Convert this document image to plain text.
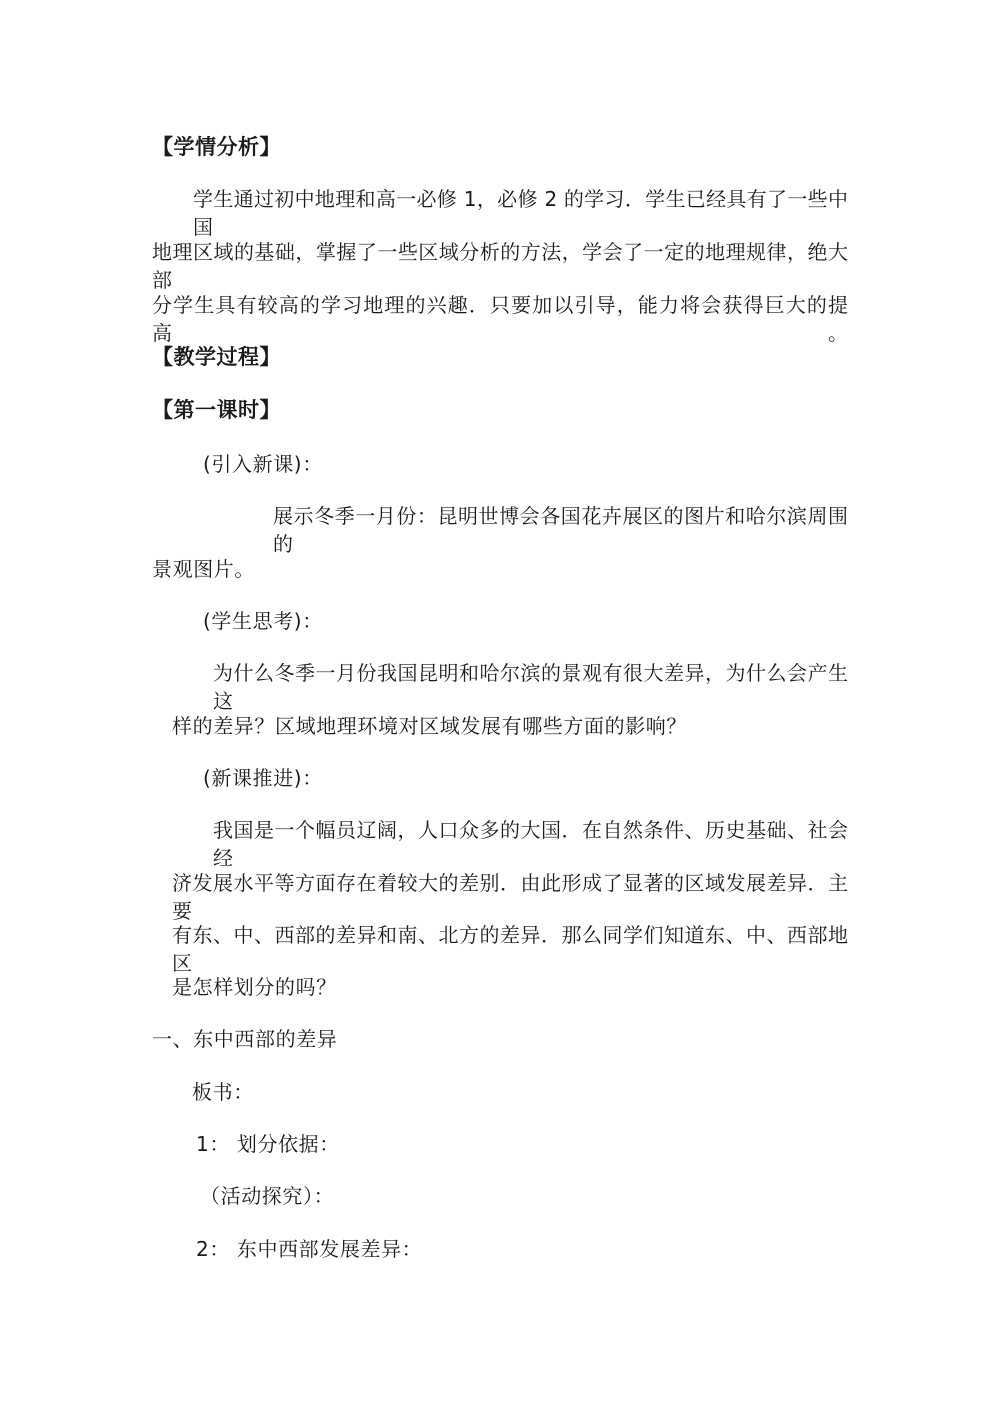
【学情分析】
学生通过初中地理和高一必修 1，必修 2 的学习．学生已经具有了一些中国
地理区域的基础，掌握了一些区域分析的方法，学会了一定的地理规律，绝大部
分学生具有较高的学习地理的兴趣．只要加以引导，能力将会获得巨大的提高。
【教学过程】
【第一课时】
(引入新课)：
展示冬季一月份：昆明世博会各国花卉展区的图片和哈尔滨周围的
景观图片。
(学生思考)：
为什么冬季一月份我国昆明和哈尔滨的景观有很大差异，为什么会产生这
样的差异？区域地理环境对区域发展有哪些方面的影响？
(新课推进)：
我国是一个幅员辽阔，人口众多的大国．在自然条件、历史基础、社会经
济发展水平等方面存在着较大的差别．由此形成了显著的区域发展差异．主要
有东、中、西部的差异和南、北方的差异．那么同学们知道东、中、西部地区
是怎样划分的吗？
一、东中西部的差异
板书：
1： 划分依据：
（活动探究）：
2： 东中西部发展差异：
